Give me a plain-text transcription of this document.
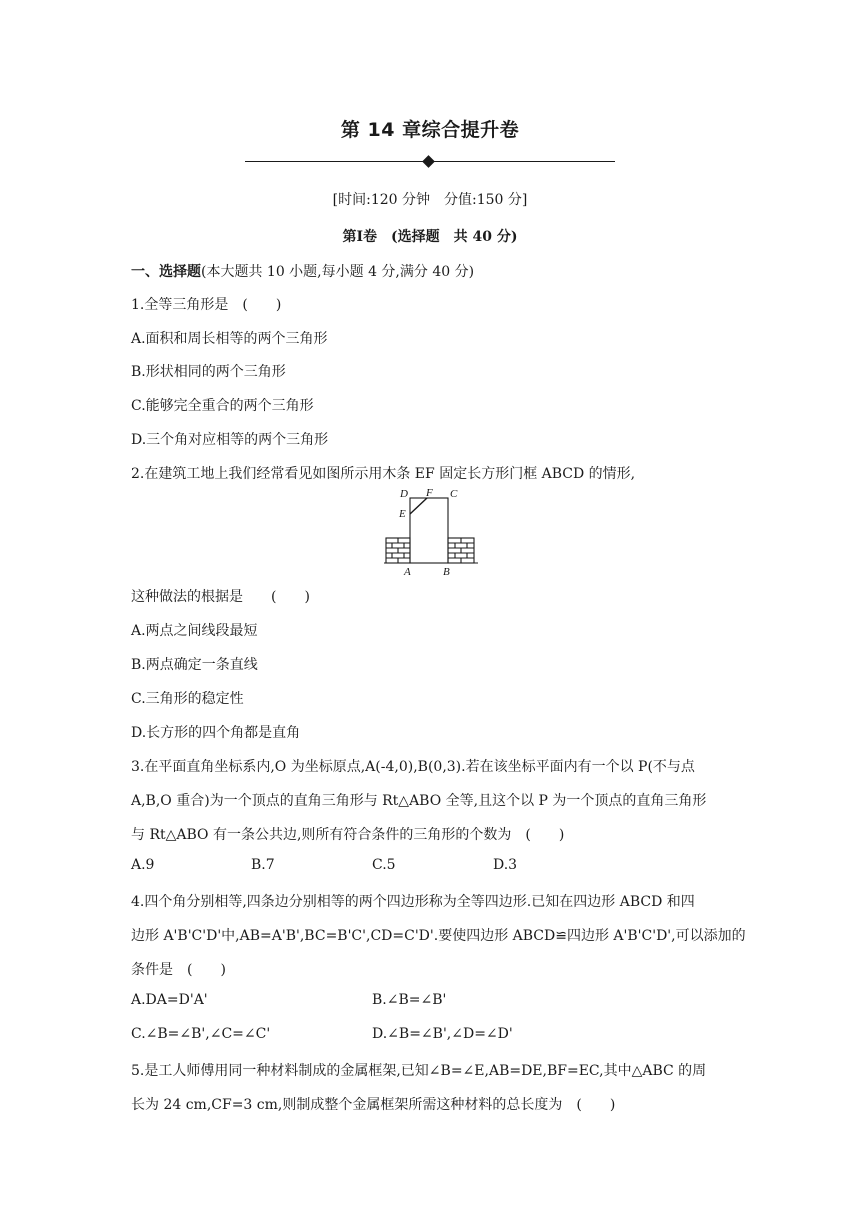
第 14 章综合提升卷
[时间:120 分钟　分值:150 分]
第Ⅰ卷　(选择题　共 40 分)
一、选择题(本大题共 10 小题,每小题 4 分,满分 40 分)
1.全等三角形是　(　　)
A.面积和周长相等的两个三角形
B.形状相同的两个三角形
C.能够完全重合的两个三角形
D.三个角对应相等的两个三角形
2.在建筑工地上我们经常看见如图所示用木条 EF 固定长方形门框 ABCD 的情形,
D F C
E
A	B
这种做法的根据是　　(　　)
A.两点之间线段最短
B.两点确定一条直线
C.三角形的稳定性
D.长方形的四个角都是直角
3.在平面直角坐标系内,O 为坐标原点,A(-4,0),B(0,3).若在该坐标平面内有一个以 P(不与点
A,B,O 重合)为一个顶点的直角三角形与 Rt△ABO 全等,且这个以 P 为一个顶点的直角三角形
与 Rt△ABO 有一条公共边,则所有符合条件的三角形的个数为　(　　)
A.9	B.7	C.5	D.3
4.四个角分别相等,四条边分别相等的两个四边形称为全等四边形.已知在四边形 ABCD 和四
边形 A'B'C'D'中,AB=A'B',BC=B'C',CD=C'D'.要使四边形 ABCD≌四边形 A'B'C'D',可以添加的
条件是　(　　)
A.DA=D'A'	B.∠B=∠B'
C.∠B=∠B',∠C=∠C'	D.∠B=∠B',∠D=∠D'
5.是工人师傅用同一种材料制成的金属框架,已知∠B=∠E,AB=DE,BF=EC,其中△ABC 的周
长为 24 cm,CF=3 cm,则制成整个金属框架所需这种材料的总长度为　(　　)
